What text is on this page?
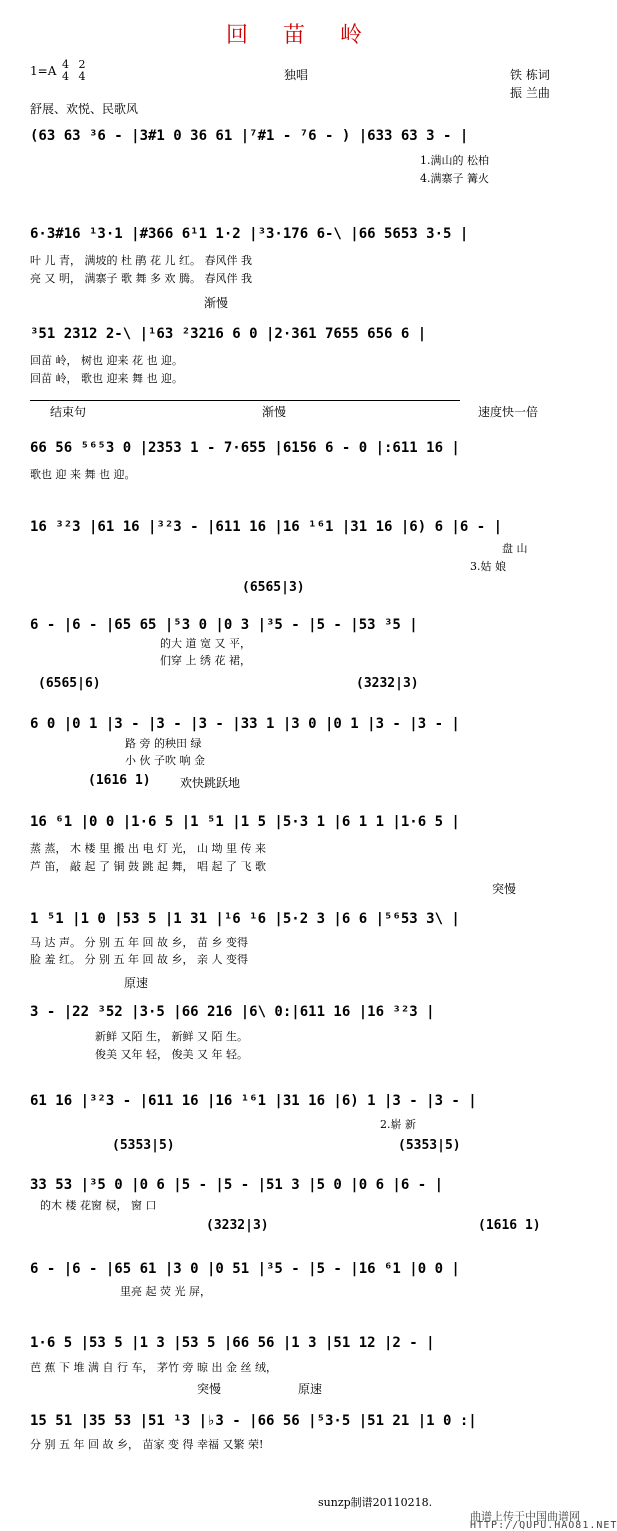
回 苗 岭
1=A 4 2
4 4	独唱	铁 栋词
振 兰曲
舒展、欢悦、民歌风
渐慢
结束句	渐慢	速度快一倍
(6565|3)
(6565|6)	(3232|3)
(1616 1) 欢快跳跃地
突慢
原速
(5353|5)	(5353|5)
(3232|3)	(1616 1)
突慢	原速
(63 63 ³6 - |3#1 0 36 61 |⁷#1 - ⁷6 - ) |633 63 3 - |
1.满山的 松柏
4.满寨子 篝火
6·3#16 ¹3·1 |#366 6¹1 1·2 |³3·176 6-\ |66 5653 3·5 |
叶 儿 青， 满坡的 杜 鹃 花 儿 红。 春风伴 我
亮 又 明， 满寨子 歌 舞 多 欢 腾。 春风伴 我
³51 2312 2-\ |¹63 ²3216 6 0 |2·361 7655 656 6 |
回苗 岭， 树也 迎来 花 也 迎。
回苗 岭， 歌也 迎来 舞 也 迎。
66 56 ⁵⁶⁵3 0 |2353 1 - 7·655 |6156 6 - 0 |:611 16 |
歌也 迎 来 舞 也 迎。
16 ³²3 |61 16 |³²3 - |611 16 |16 ¹⁶1 |31 16 |6) 6 |6 - |
盘 山
3.姑 娘
6 - |6 - |65 65 |⁵3 0 |0 3 |³5 - |5 - |53 ³5 |
的大 道 宽 又 平，
们穿 上 绣 花 裙，
6 0 |0 1 |3 - |3 - |3 - |33 1 |3 0 |0 1 |3 - |3 - |
路 旁 的秧田 绿
小 伙 子吹 响 金
16 ⁶1 |0 0 |1·6 5 |1 ⁵1 |1 5 |5·3 1 |6 1 1 |1·6 5 |
蒸 蒸， 木 楼 里 搬 出 电 灯 光， 山 坳 里 传 来
芦 笛， 敲 起 了 铜 鼓 跳 起 舞， 唱 起 了 飞 歌
1 ⁵1 |1 0 |53 5 |1 31 |¹6 ¹6 |5·2 3 |6 6 |⁵⁶53 3\ |
马 达 声。 分 别 五 年 回 故 乡， 苗 乡 变得
脸 羞 红。 分 别 五 年 回 故 乡， 亲 人 变得
3 - |22 ³52 |3·5 |66 216 |6\ 0:|611 16 |16 ³²3 |
新鲜 又陌 生， 新鲜 又 陌 生。
俊美 又年 轻， 俊美 又 年 轻。
61 16 |³²3 - |611 16 |16 ¹⁶1 |31 16 |6) 1 |3 - |3 - |
2.崭 新
33 53 |³5 0 |0 6 |5 - |5 - |51 3 |5 0 |0 6 |6 - |
的木 楼 花窗 棂， 窗 口
6 - |6 - |65 61 |3 0 |0 51 |³5 - |5 - |16 ⁶1 |0 0 |
里亮 起 荧 光 屏，
1·6 5 |53 5 |1 3 |53 5 |66 56 |1 3 |51 12 |2 - |
芭 蕉 下 堆 满 自 行 车， 茅竹 旁 晾 出 金 丝 绒，
15 51 |35 53 |51 ¹3 |♭3 - |66 56 |⁵3·5 |51 21 |1 0 :|
分 别 五 年 回 故 乡， 苗家 变 得 幸福 又繁 荣!
sunzp制谱20110218.
曲谱上传于中国曲谱网
HTTP://QUPU.HAO81.NET
